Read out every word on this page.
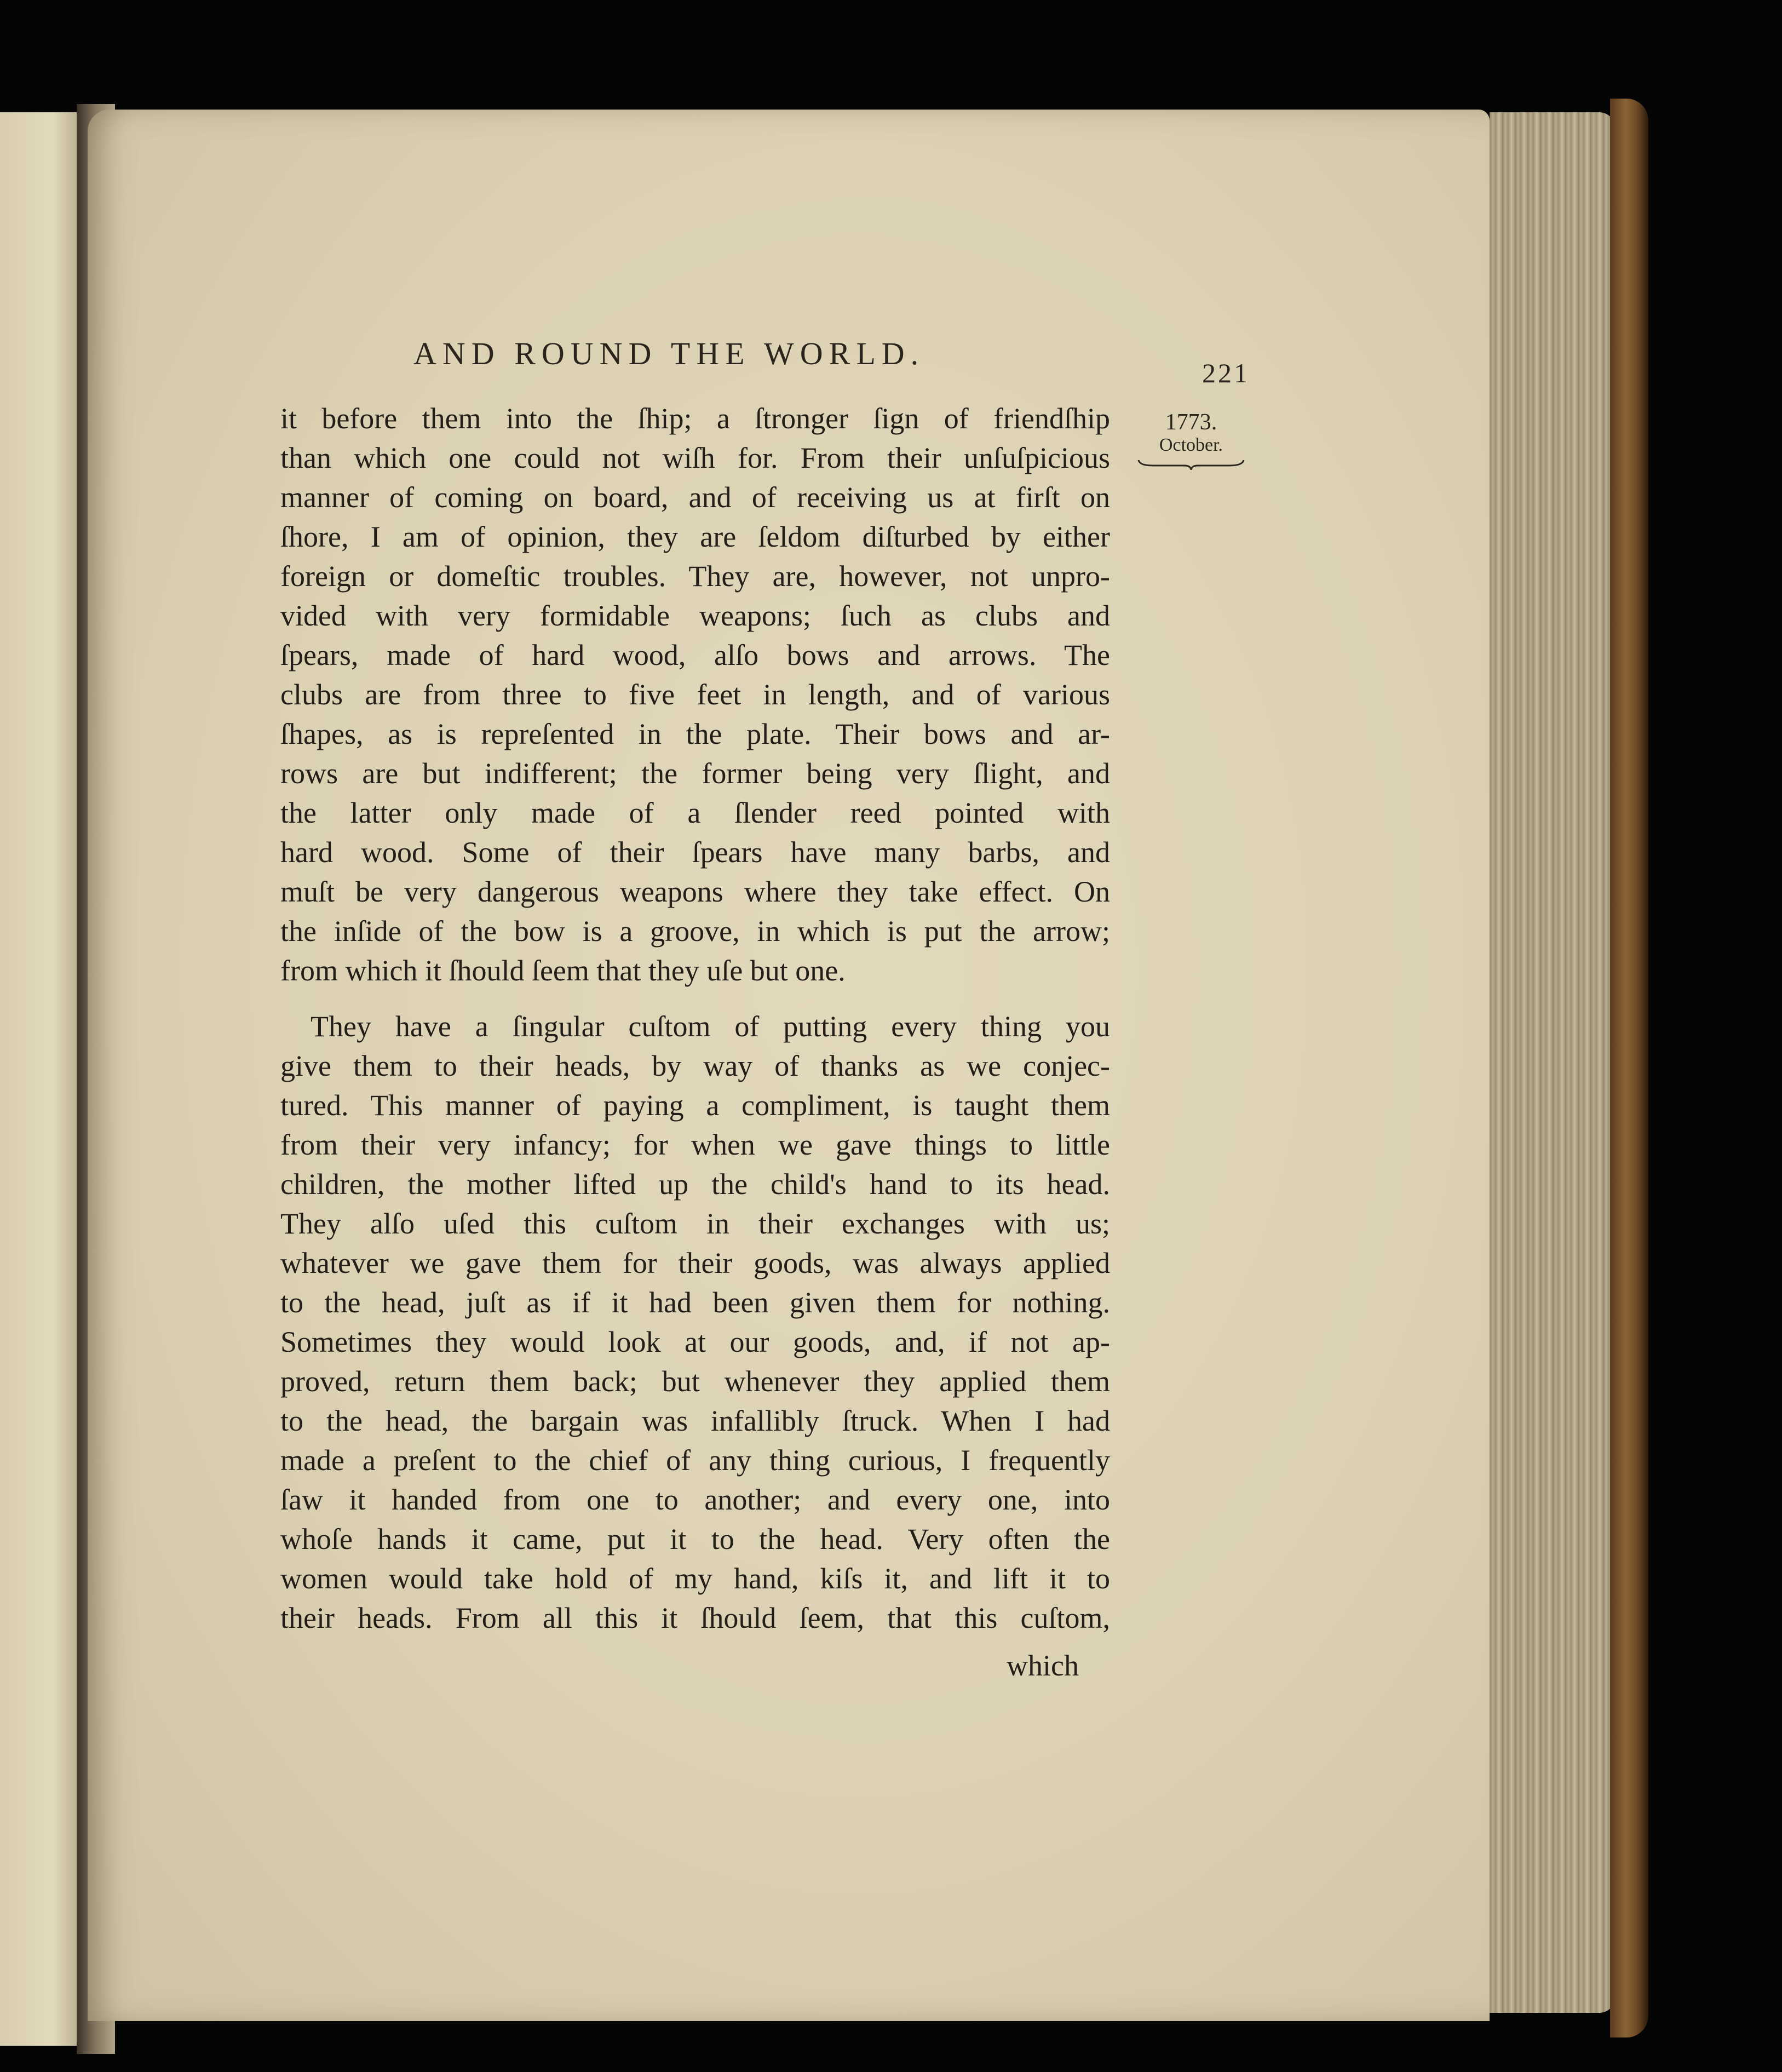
AND ROUND THE WORLD.
221
1773.
October.
it before them into the ſhip; a ſtronger ſign of friendſhip
than which one could not wiſh for. From their unſuſpicious
manner of coming on board, and of receiving us at firſt on
ſhore, I am of opinion, they are ſeldom diſturbed by either
foreign or domeſtic troubles. They are, however, not unpro-
vided with very formidable weapons; ſuch as clubs and
ſpears, made of hard wood, alſo bows and arrows. The
clubs are from three to five feet in length, and of various
ſhapes, as is repreſented in the plate. Their bows and ar-
rows are but indifferent; the former being very ſlight, and
the latter only made of a ſlender reed pointed with
hard wood. Some of their ſpears have many barbs, and
muſt be very dangerous weapons where they take effect. On
the inſide of the bow is a groove, in which is put the arrow;
from which it ſhould ſeem that they uſe but one.
They have a ſingular cuſtom of putting every thing you
give them to their heads, by way of thanks as we conjec-
tured. This manner of paying a compliment, is taught them
from their very infancy; for when we gave things to little
children, the mother lifted up the child's hand to its head.
They alſo uſed this cuſtom in their exchanges with us;
whatever we gave them for their goods, was always applied
to the head, juſt as if it had been given them for nothing.
Sometimes they would look at our goods, and, if not ap-
proved, return them back; but whenever they applied them
to the head, the bargain was infallibly ſtruck. When I had
made a preſent to the chief of any thing curious, I frequently
ſaw it handed from one to another; and every one, into
whoſe hands it came, put it to the head. Very often the
women would take hold of my hand, kiſs it, and lift it to
their heads. From all this it ſhould ſeem, that this cuſtom,
which
